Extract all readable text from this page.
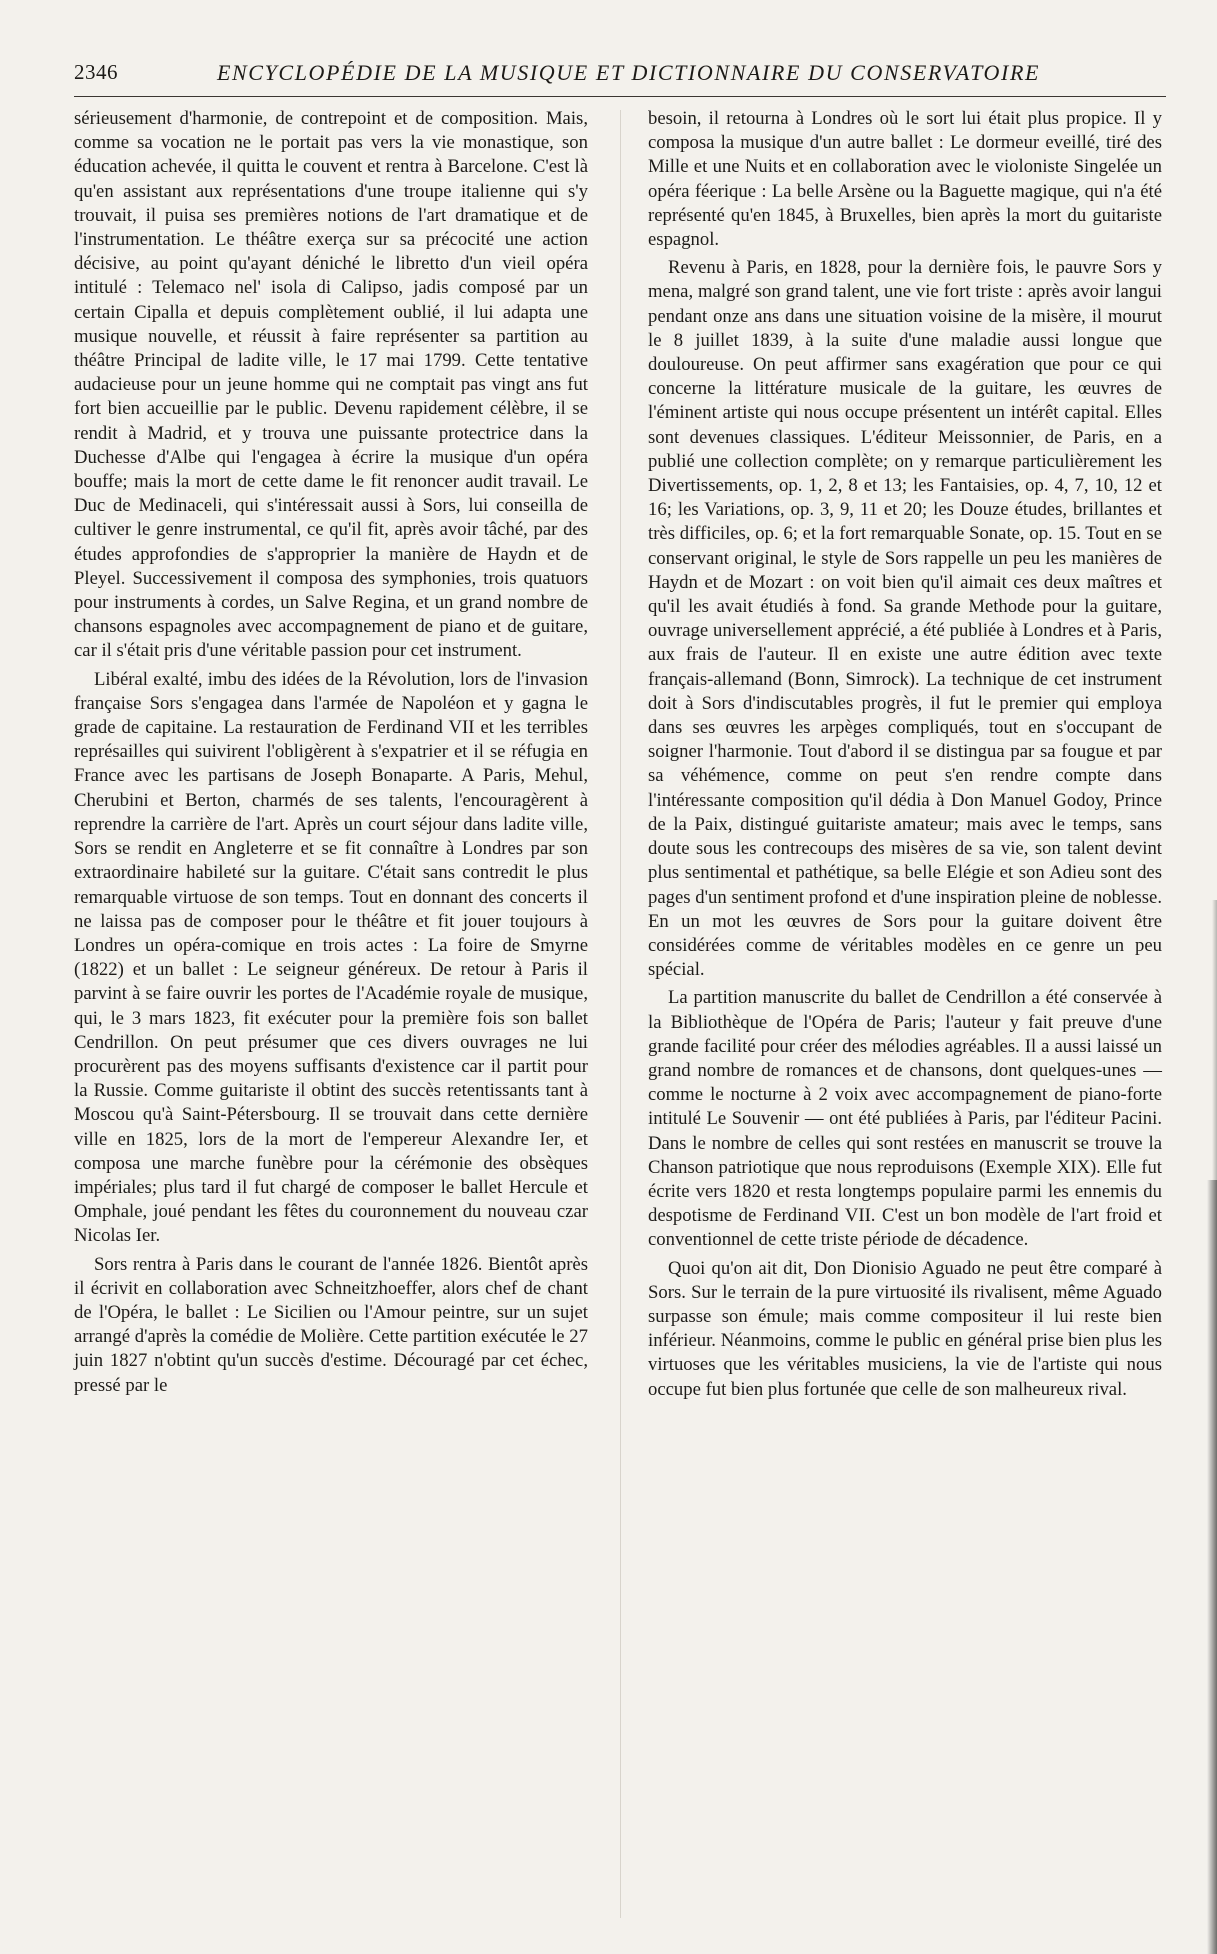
2346	ENCYCLOPÉDIE DE LA MUSIQUE ET DICTIONNAIRE DU CONSERVATOIRE

sérieusement d'harmonie, de contrepoint et de composition. Mais, comme sa vocation ne le portait pas vers la vie monastique, son éducation achevée, il quitta le couvent et rentra à Barcelone. C'est là qu'en assistant aux représentations d'une troupe italienne qui s'y trouvait, il puisa ses premières notions de l'art dramatique et de l'instrumentation. Le théâtre exerça sur sa précocité une action décisive, au point qu'ayant déniché le libretto d'un vieil opéra intitulé : Telemaco nel' isola di Calipso, jadis composé par un certain Cipalla et depuis complètement oublié, il lui adapta une musique nouvelle, et réussit à faire représenter sa partition au théâtre Principal de ladite ville, le 17 mai 1799. Cette tentative audacieuse pour un jeune homme qui ne comptait pas vingt ans fut fort bien accueillie par le public. Devenu rapidement célèbre, il se rendit à Madrid, et y trouva une puissante protectrice dans la Duchesse d'Albe qui l'engagea à écrire la musique d'un opéra bouffe; mais la mort de cette dame le fit renoncer audit travail. Le Duc de Medinaceli, qui s'intéressait aussi à Sors, lui conseilla de cultiver le genre instrumental, ce qu'il fit, après avoir tâché, par des études approfondies de s'approprier la manière de Haydn et de Pleyel. Successivement il composa des symphonies, trois quatuors pour instruments à cordes, un Salve Regina, et un grand nombre de chansons espagnoles avec accompagnement de piano et de guitare, car il s'était pris d'une véritable passion pour cet instrument.

Libéral exalté, imbu des idées de la Révolution, lors de l'invasion française Sors s'engagea dans l'armée de Napoléon et y gagna le grade de capitaine. La restauration de Ferdinand VII et les terribles représailles qui suivirent l'obligèrent à s'expatrier et il se réfugia en France avec les partisans de Joseph Bonaparte. A Paris, Mehul, Cherubini et Berton, charmés de ses talents, l'encouragèrent à reprendre la carrière de l'art. Après un court séjour dans ladite ville, Sors se rendit en Angleterre et se fit connaître à Londres par son extraordinaire habileté sur la guitare. C'était sans contredit le plus remarquable virtuose de son temps. Tout en donnant des concerts il ne laissa pas de composer pour le théâtre et fit jouer toujours à Londres un opéra-comique en trois actes : La foire de Smyrne (1822) et un ballet : Le seigneur généreux. De retour à Paris il parvint à se faire ouvrir les portes de l'Académie royale de musique, qui, le 3 mars 1823, fit exécuter pour la première fois son ballet Cendrillon. On peut présumer que ces divers ouvrages ne lui procurèrent pas des moyens suffisants d'existence car il partit pour la Russie. Comme guitariste il obtint des succès retentissants tant à Moscou qu'à Saint-Pétersbourg. Il se trouvait dans cette dernière ville en 1825, lors de la mort de l'empereur Alexandre Ier, et composa une marche funèbre pour la cérémonie des obsèques impériales; plus tard il fut chargé de composer le ballet Hercule et Omphale, joué pendant les fêtes du couronnement du nouveau czar Nicolas Ier.

Sors rentra à Paris dans le courant de l'année 1826. Bientôt après il écrivit en collaboration avec Schneitzhoeffer, alors chef de chant de l'Opéra, le ballet : Le Sicilien ou l'Amour peintre, sur un sujet arrangé d'après la comédie de Molière. Cette partition exécutée le 27 juin 1827 n'obtint qu'un succès d'estime. Découragé par cet échec, pressé par le

besoin, il retourna à Londres où le sort lui était plus propice. Il y composa la musique d'un autre ballet : Le dormeur eveillé, tiré des Mille et une Nuits et en collaboration avec le violoniste Singelée un opéra féerique : La belle Arsène ou la Baguette magique, qui n'a été représenté qu'en 1845, à Bruxelles, bien après la mort du guitariste espagnol.

Revenu à Paris, en 1828, pour la dernière fois, le pauvre Sors y mena, malgré son grand talent, une vie fort triste : après avoir langui pendant onze ans dans une situation voisine de la misère, il mourut le 8 juillet 1839, à la suite d'une maladie aussi longue que douloureuse. On peut affirmer sans exagération que pour ce qui concerne la littérature musicale de la guitare, les œuvres de l'éminent artiste qui nous occupe présentent un intérêt capital. Elles sont devenues classiques. L'éditeur Meissonnier, de Paris, en a publié une collection complète; on y remarque particulièrement les Divertissements, op. 1, 2, 8 et 13; les Fantaisies, op. 4, 7, 10, 12 et 16; les Variations, op. 3, 9, 11 et 20; les Douze études, brillantes et très difficiles, op. 6; et la fort remarquable Sonate, op. 15. Tout en se conservant original, le style de Sors rappelle un peu les manières de Haydn et de Mozart : on voit bien qu'il aimait ces deux maîtres et qu'il les avait étudiés à fond. Sa grande Methode pour la guitare, ouvrage universellement apprécié, a été publiée à Londres et à Paris, aux frais de l'auteur. Il en existe une autre édition avec texte français-allemand (Bonn, Simrock). La technique de cet instrument doit à Sors d'indiscutables progrès, il fut le premier qui employa dans ses œuvres les arpèges compliqués, tout en s'occupant de soigner l'harmonie. Tout d'abord il se distingua par sa fougue et par sa véhémence, comme on peut s'en rendre compte dans l'intéressante composition qu'il dédia à Don Manuel Godoy, Prince de la Paix, distingué guitariste amateur; mais avec le temps, sans doute sous les contrecoups des misères de sa vie, son talent devint plus sentimental et pathétique, sa belle Elégie et son Adieu sont des pages d'un sentiment profond et d'une inspiration pleine de noblesse. En un mot les œuvres de Sors pour la guitare doivent être considérées comme de véritables modèles en ce genre un peu spécial.

La partition manuscrite du ballet de Cendrillon a été conservée à la Bibliothèque de l'Opéra de Paris; l'auteur y fait preuve d'une grande facilité pour créer des mélodies agréables. Il a aussi laissé un grand nombre de romances et de chansons, dont quelques-unes — comme le nocturne à 2 voix avec accompagnement de piano-forte intitulé Le Souvenir — ont été publiées à Paris, par l'éditeur Pacini. Dans le nombre de celles qui sont restées en manuscrit se trouve la Chanson patriotique que nous reproduisons (Exemple XIX). Elle fut écrite vers 1820 et resta longtemps populaire parmi les ennemis du despotisme de Ferdinand VII. C'est un bon modèle de l'art froid et conventionnel de cette triste période de décadence.

Quoi qu'on ait dit, Don Dionisio Aguado ne peut être comparé à Sors. Sur le terrain de la pure virtuosité ils rivalisent, même Aguado surpasse son émule; mais comme compositeur il lui reste bien inférieur. Néanmoins, comme le public en général prise bien plus les virtuoses que les véritables musiciens, la vie de l'artiste qui nous occupe fut bien plus fortunée que celle de son malheureux rival.
